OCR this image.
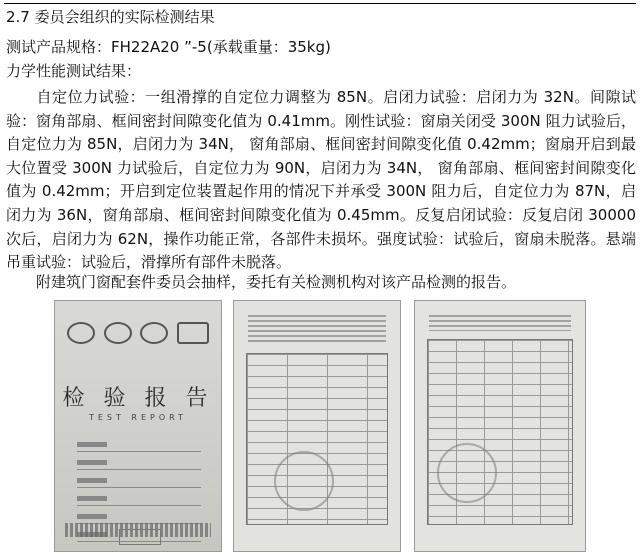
2.7 委员会组织的实际检测结果
测试产品规格：FH22A20 ”-5(承载重量：35kg)
力学性能测试结果：
自定位力试验：一组滑撑的自定位力调整为 85N。启闭力试验：启闭力为 32N。间隙试验：窗角部扇、框间密封间隙变化值为 0.41mm。刚性试验：窗扇关闭受 300N 阻力试验后，自定位力为 85N，启闭力为 34N， 窗角部扇、框间密封间隙变化值 0.42mm；窗扇开启到最大位置受 300N 力试验后，自定位力为 90N，启闭力为 34N， 窗角部扇、框间密封间隙变化值为 0.42mm；开启到定位装置起作用的情况下并承受 300N 阻力后，自定位力为 87N，启闭力为 36N，窗角部扇、框间密封间隙变化值为 0.45mm。反复启闭试验：反复启闭 30000 次后，启闭力为 62N，操作功能正常，各部件未损坏。强度试验：试验后，窗扇未脱落。悬端吊重试验：试验后，滑撑所有部件未脱落。
附建筑门窗配套件委员会抽样，委托有关检测机构对该产品检测的报告。
检 验 报 告
TEST REPORT
